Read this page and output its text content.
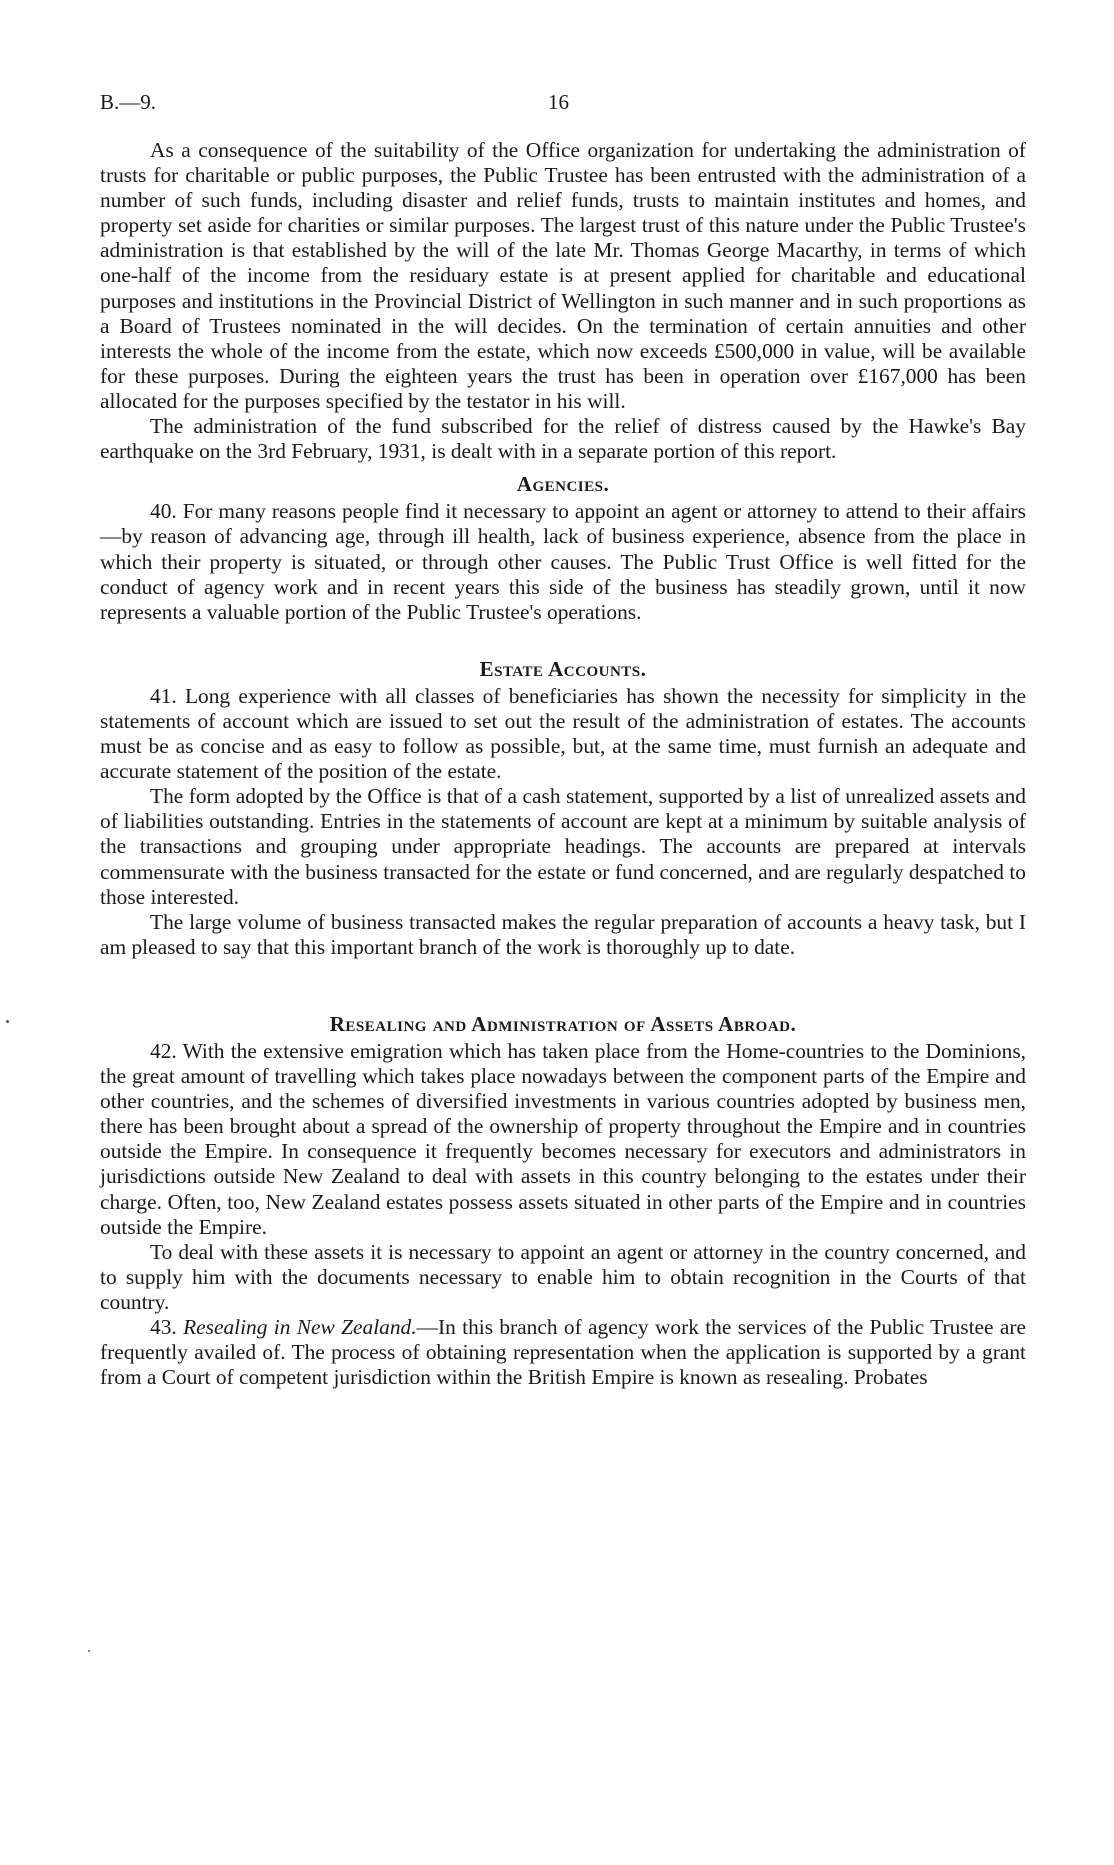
B.—9.	16

As a consequence of the suitability of the Office organization for undertaking the administration of trusts for charitable or public purposes, the Public Trustee has been entrusted with the administration of a number of such funds, including disaster and relief funds, trusts to maintain institutes and homes, and property set aside for charities or similar purposes. The largest trust of this nature under the Public Trustee's administration is that established by the will of the late Mr. Thomas George Macarthy, in terms of which one-half of the income from the residuary estate is at present applied for charitable and educational purposes and institutions in the Provincial District of Wellington in such manner and in such proportions as a Board of Trustees nominated in the will decides. On the termination of certain annuities and other interests the whole of the income from the estate, which now exceeds £500,000 in value, will be available for these purposes. During the eighteen years the trust has been in operation over £167,000 has been allocated for the purposes specified by the testator in his will.

The administration of the fund subscribed for the relief of distress caused by the Hawke's Bay earthquake on the 3rd February, 1931, is dealt with in a separate portion of this report.

Agencies.

40. For many reasons people find it necessary to appoint an agent or attorney to attend to their affairs—by reason of advancing age, through ill health, lack of business experience, absence from the place in which their property is situated, or through other causes. The Public Trust Office is well fitted for the conduct of agency work and in recent years this side of the business has steadily grown, until it now represents a valuable portion of the Public Trustee's operations.

Estate Accounts.

41. Long experience with all classes of beneficiaries has shown the necessity for simplicity in the statements of account which are issued to set out the result of the administration of estates. The accounts must be as concise and as easy to follow as possible, but, at the same time, must furnish an adequate and accurate statement of the position of the estate.

The form adopted by the Office is that of a cash statement, supported by a list of unrealized assets and of liabilities outstanding. Entries in the statements of account are kept at a minimum by suitable analysis of the transactions and grouping under appropriate headings. The accounts are prepared at intervals commensurate with the business transacted for the estate or fund concerned, and are regularly despatched to those interested.

The large volume of business transacted makes the regular preparation of accounts a heavy task, but I am pleased to say that this important branch of the work is thoroughly up to date.

Resealing and Administration of Assets Abroad.

42. With the extensive emigration which has taken place from the Home-countries to the Dominions, the great amount of travelling which takes place nowadays between the component parts of the Empire and other countries, and the schemes of diversified investments in various countries adopted by business men, there has been brought about a spread of the ownership of property throughout the Empire and in countries outside the Empire. In consequence it frequently becomes necessary for executors and administrators in jurisdictions outside New Zealand to deal with assets in this country belonging to the estates under their charge. Often, too, New Zealand estates possess assets situated in other parts of the Empire and in countries outside the Empire.

To deal with these assets it is necessary to appoint an agent or attorney in the country concerned, and to supply him with the documents necessary to enable him to obtain recognition in the Courts of that country.

43. Resealing in New Zealand.—In this branch of agency work the services of the Public Trustee are frequently availed of. The process of obtaining representation when the application is supported by a grant from a Court of competent jurisdiction within the British Empire is known as resealing. Probates
